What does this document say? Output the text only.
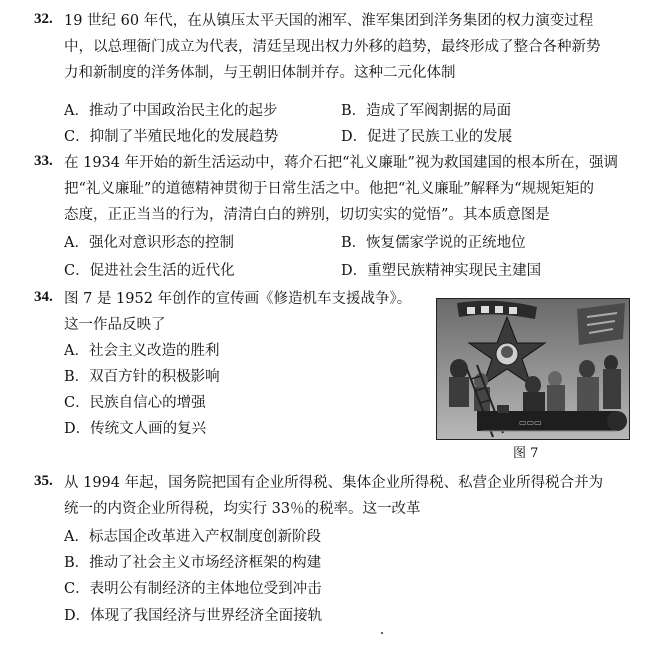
32. 19 世纪 60 年代，在从镇压太平天国的湘军、淮军集团到洋务集团的权力演变过程
中，以总理衙门成立为代表，清廷呈现出权力外移的趋势，最终形成了整合各种新势
力和新制度的洋务体制，与王朝旧体制并存。这种二元化体制
A．推动了中国政治民主化的起步	B．造成了军阀割据的局面
C．抑制了半殖民地化的发展趋势	D．促进了民族工业的发展
33. 在 1934 年开始的新生活运动中，蒋介石把“礼义廉耻”视为救国建国的根本所在，强调
把“礼义廉耻”的道德精神贯彻于日常生活之中。他把“礼义廉耻”解释为“规规矩矩的
态度，正正当当的行为，清清白白的辨别，切切实实的觉悟”。其本质意图是
A．强化对意识形态的控制	B．恢复儒家学说的正统地位
C．促进社会生活的近代化	D．重塑民族精神实现民主建国
34. 图 7 是 1952 年创作的宣传画《修造机车支援战争》。
这一作品反映了
A．社会主义改造的胜利
B．双百方针的积极影响
C．民族自信心的增强
D．传统文人画的复兴	▭▭▭
图 7
35. 从 1994 年起，国务院把国有企业所得税、集体企业所得税、私营企业所得税合并为
统一的内资企业所得税，均实行 33％的税率。这一改革
A．标志国企改革进入产权制度创新阶段
B．推动了社会主义市场经济框架的构建
C．表明公有制经济的主体地位受到冲击
D．体现了我国经济与世界经济全面接轨
